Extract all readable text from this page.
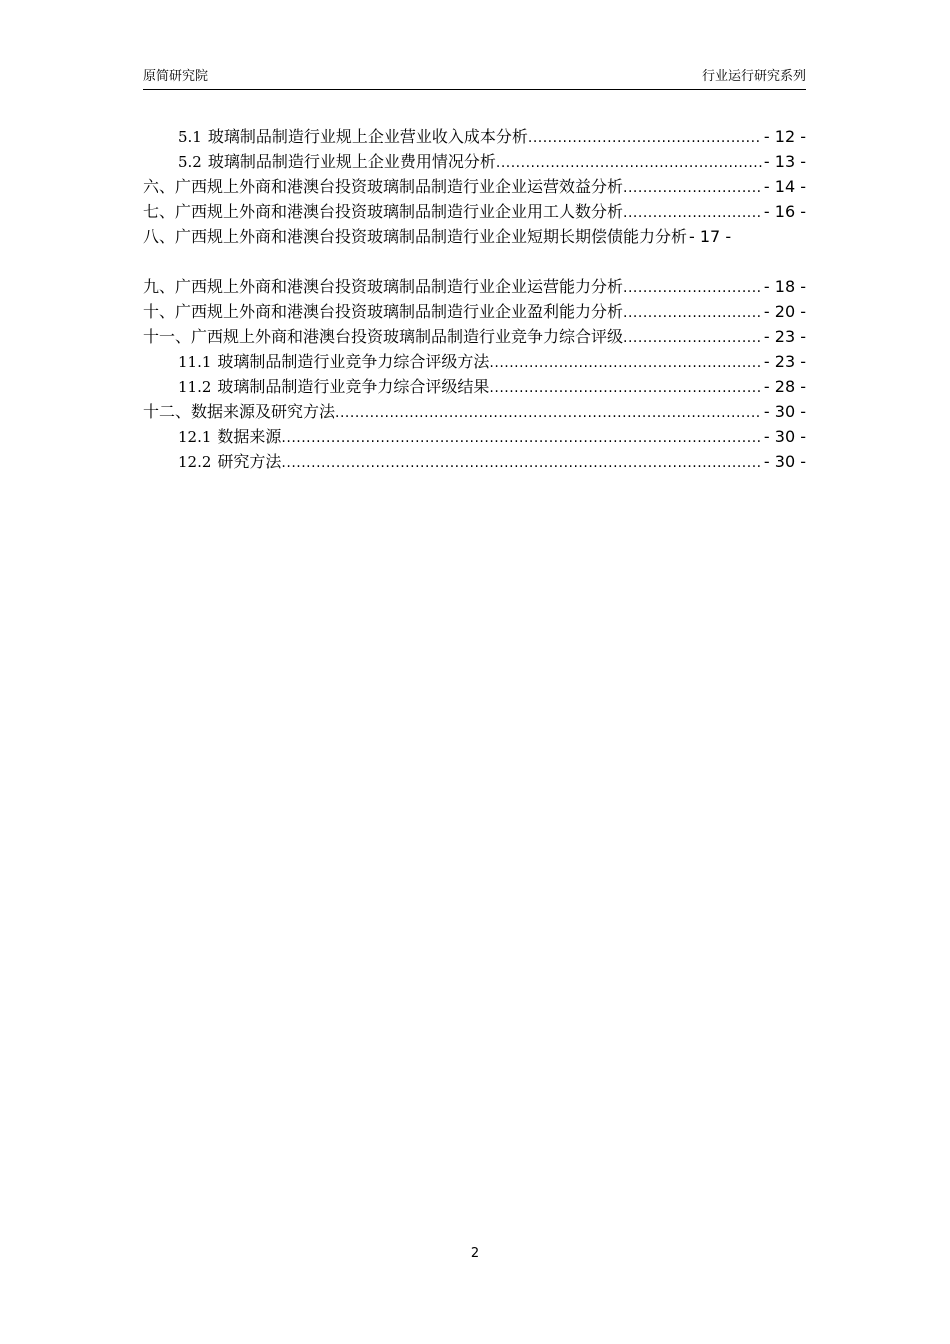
原简研究院	行业运行研究系列
5.1 玻璃制品制造行业规上企业营业收入成本分析 .....	- 12 -
5.2 玻璃制品制造行业规上企业费用情况分析 .....	- 13 -
六、广西规上外商和港澳台投资玻璃制品制造行业企业运营效益分析 .....	- 14 -
七、广西规上外商和港澳台投资玻璃制品制造行业企业用工人数分析 .....	- 16 -
八、广西规上外商和港澳台投资玻璃制品制造行业企业短期长期偿债能力分析 - 17 -
九、广西规上外商和港澳台投资玻璃制品制造行业企业运营能力分析 .....	- 18 -
十、广西规上外商和港澳台投资玻璃制品制造行业企业盈利能力分析 .....	- 20 -
十一、广西规上外商和港澳台投资玻璃制品制造行业竞争力综合评级 .....	- 23 -
11.1 玻璃制品制造行业竞争力综合评级方法 .....	- 23 -
11.2 玻璃制品制造行业竞争力综合评级结果 .....	- 28 -
十二、数据来源及研究方法 .....	- 30 -
12.1 数据来源 .....	- 30 -
12.2 研究方法 .....	- 30 -
2
